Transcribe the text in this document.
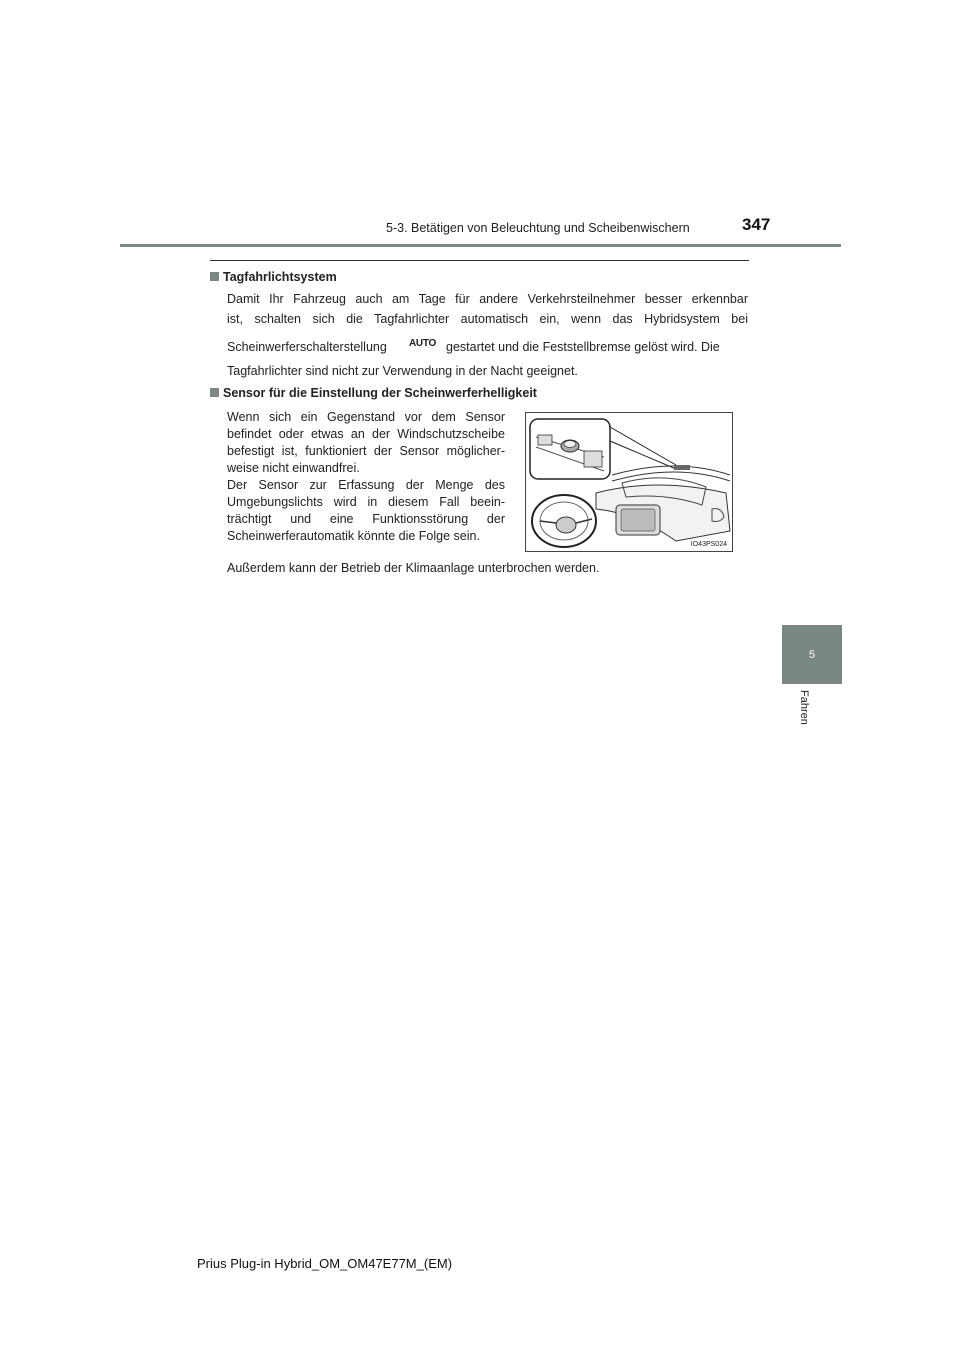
5-3. Betätigen von Beleuchtung und Scheibenwischern	347
5
Fahren
Tagfahrlichtsystem
Damit Ihr Fahrzeug auch am Tage für andere Verkehrsteilnehmer besser erkennbar
ist, schalten sich die Tagfahrlichter automatisch ein, wenn das Hybridsystem bei
Scheinwerferschalterstellung AUTO gestartet und die Feststellbremse gelöst wird. Die
Tagfahrlichter sind nicht zur Verwendung in der Nacht geeignet.
Sensor für die Einstellung der Scheinwerferhelligkeit
Wenn sich ein Gegenstand vor dem Sensor
befindet oder etwas an der Windschutzscheibe
befestigt ist, funktioniert der Sensor möglicher-
weise nicht einwandfrei.
Der Sensor zur Erfassung der Menge des
Umgebungslichts wird in diesem Fall beein-
trächtigt und eine Funktionsstörung der
Scheinwerferautomatik könnte die Folge sein.
IO43PS024
Außerdem kann der Betrieb der Klimaanlage unterbrochen werden.
Prius Plug-in Hybrid_OM_OM47E77M_(EM)
